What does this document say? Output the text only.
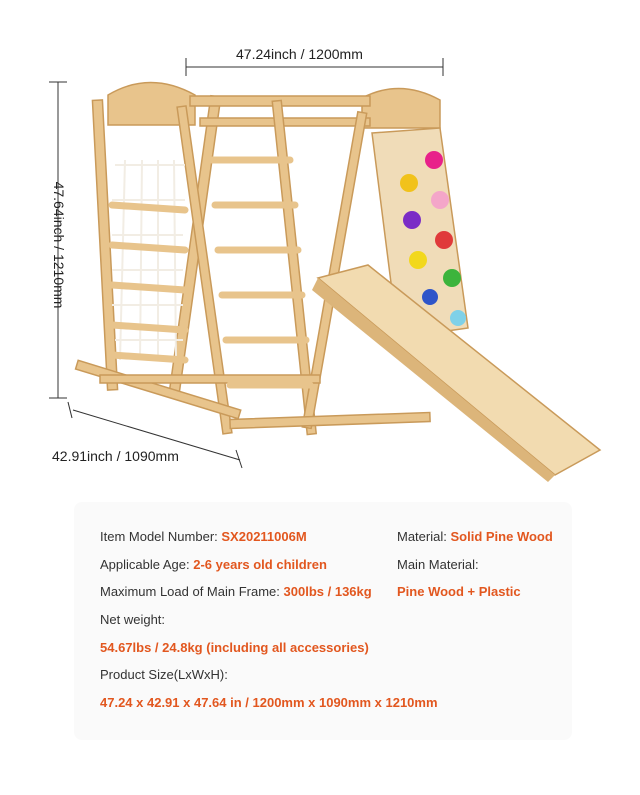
47.24inch / 1200mm
47.64inch / 1210mm
42.91inch / 1090mm
Item Model Number: SX20211006M
Applicable Age: 2-6 years old children
Maximum Load of Main Frame: 300lbs / 136kg
Net weight:
54.67lbs / 24.8kg (including all accessories)
Product Size(LxWxH):
47.24 x 42.91 x 47.64 in / 1200mm x 1090mm x 1210mm
Material: Solid Pine Wood
Main Material:
Pine Wood + Plastic
